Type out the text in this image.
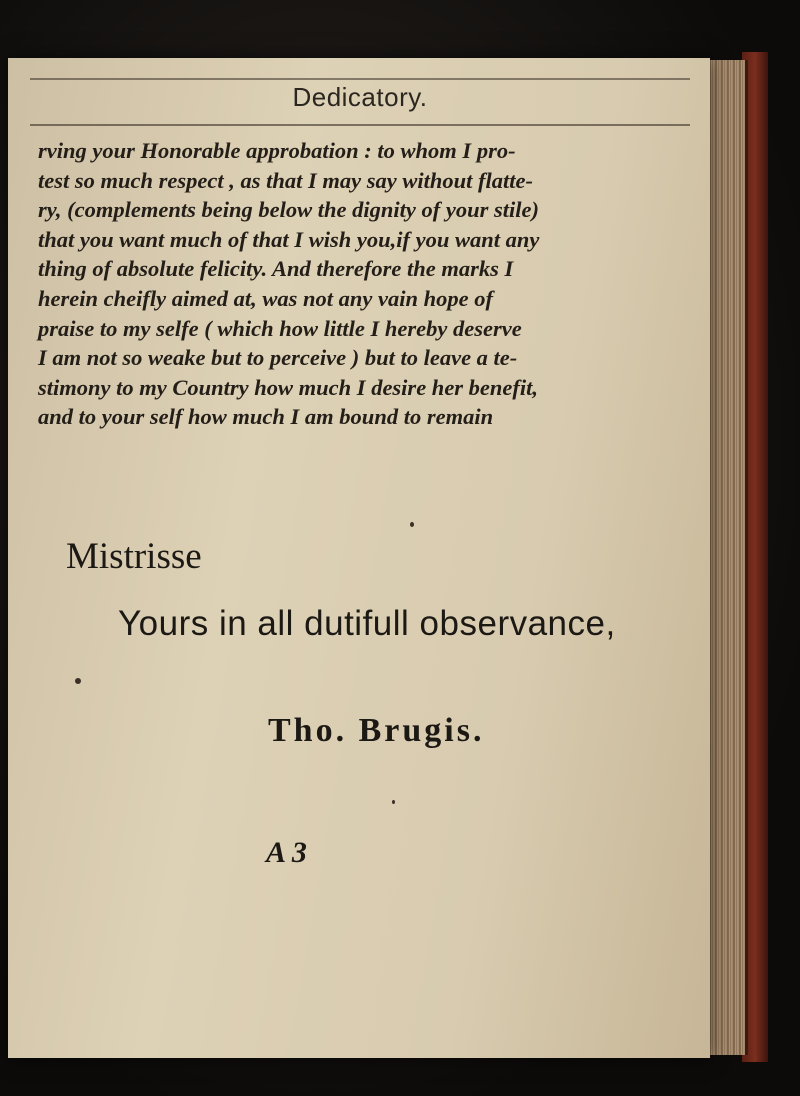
Dedicatory.
rving your Honorable approbation : to whom I pro-
test so much respect , as that I may say without flatte-
ry, (complements being below the dignity of your stile)
that you want much of that I wish you,if you want any
thing of absolute felicity. And therefore the marks I
herein cheifly aimed at, was not any vain hope of
praise to my selfe ( which how little I hereby deserve
I am not so weake but to perceive ) but to leave a te-
stimony to my Country how much I desire her benefit,
and to your self how much I am bound to remain
Mistrisse
Yours in all dutifull observance,
Tho. Brugis.
A 3
